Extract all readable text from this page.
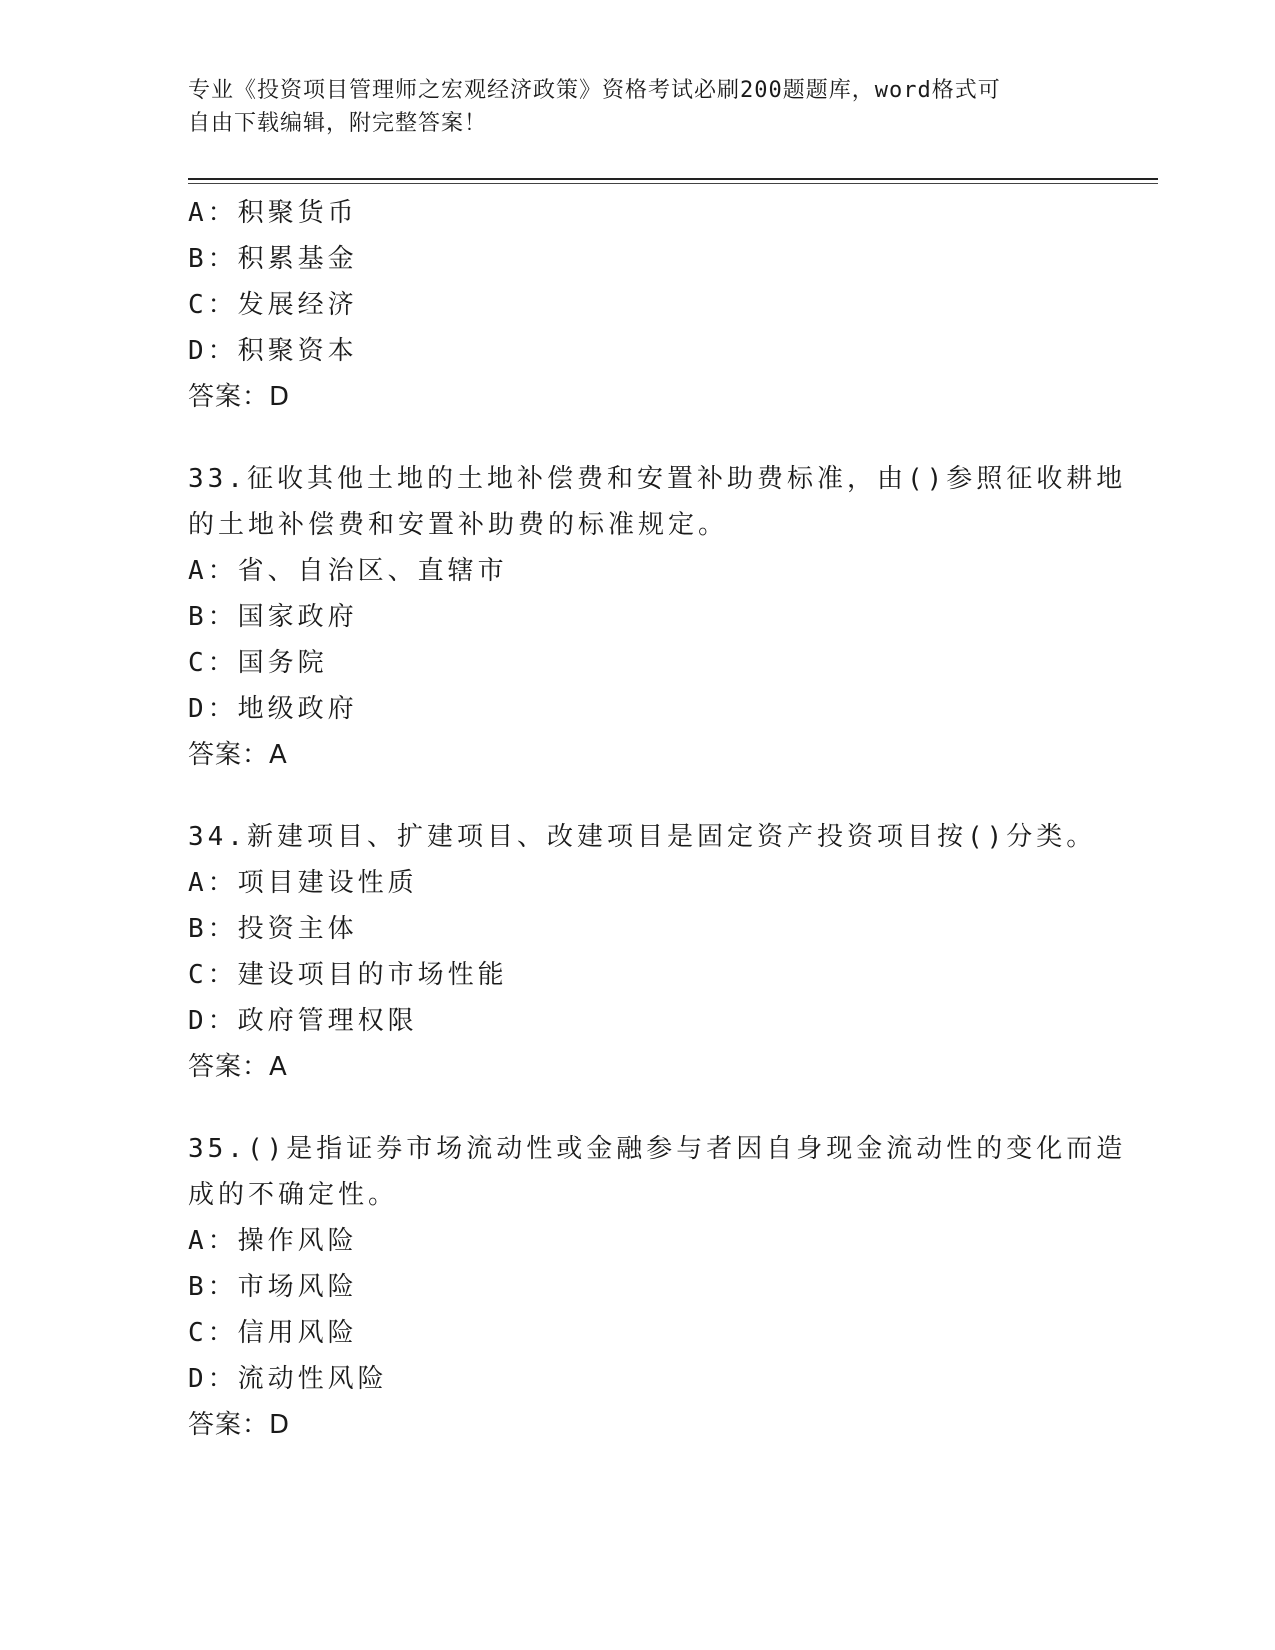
专业《投资项目管理师之宏观经济政策》资格考试必刷200题题库，word格式可
自由下载编辑，附完整答案！
A：积聚货币
B：积累基金
C：发展经济
D：积聚资本
答案：D
33.征收其他土地的土地补偿费和安置补助费标准，由()参照征收耕地
的土地补偿费和安置补助费的标准规定。
A：省、自治区、直辖市
B：国家政府
C：国务院
D：地级政府
答案：A
34.新建项目、扩建项目、改建项目是固定资产投资项目按()分类。
A：项目建设性质
B：投资主体
C：建设项目的市场性能
D：政府管理权限
答案：A
35.()是指证券市场流动性或金融参与者因自身现金流动性的变化而造
成的不确定性。
A：操作风险
B：市场风险
C：信用风险
D：流动性风险
答案：D
